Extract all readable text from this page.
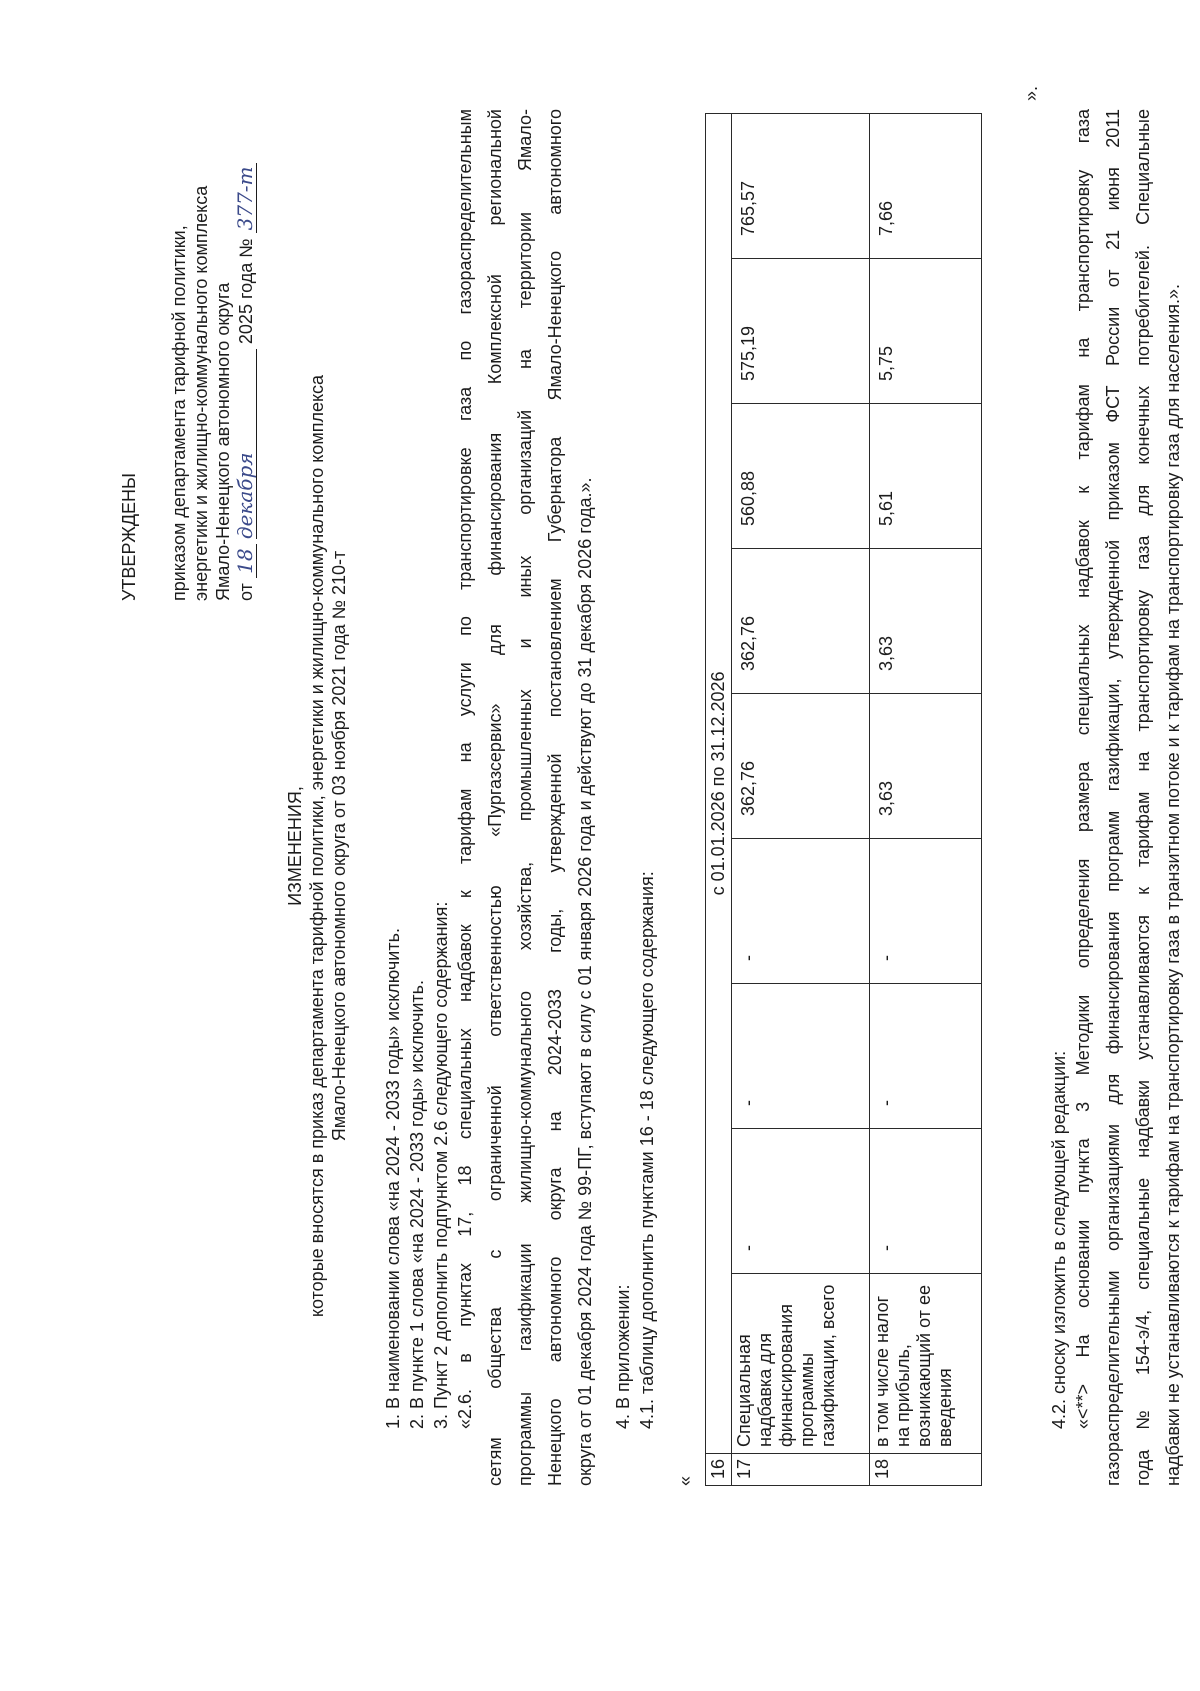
УТВЕРЖДЕНЫ приказом департамента тарифной политики, энергетики и жилищно-коммунального комплекса Ямало-Ненецкого автономного округа от 18 декабря 2025 года № 377-т
ИЗМЕНЕНИЯ, которые вносятся в приказ департамента тарифной политики, энергетики и жилищно-коммунального комплекса Ямало-Ненецкого автономного округа от 03 ноября 2021 года № 210-т
1. В наименовании слова «на 2024 - 2033 годы» исключить. 2. В пункте 1 слова «на 2024 - 2033 годы» исключить. 3. Пункт 2 дополнить подпунктом 2.6 следующего содержания: «2.6. в пунктах 17, 18 специальных надбавок к тарифам на услуги по транспортировке газа по газораспределительным сетям общества с ограниченной ответственностью «Пургазсервис» для финансирования Комплексной региональной программы газификации жилищно-коммунального хозяйства, промышленных и иных организаций на территории Ямало- Ненецкого автономного округа на 2024-2033 годы, утвержденной постановлением Губернатора Ямало-Ненецкого автономного округа от 01 декабря 2024 года № 99-ПГ, вступают в силу с 01 января 2026 года и действуют до 31 декабря 2026 года.». 4. В приложении: 4.1. таблицу дополнить пунктами 16 - 18 следующего содержания:
«
16	с 01.01.2026 по 31.12.2026								
17	Специальная надбавка для финансирования программы газификации, всего	-	-	-	362,76	362,76	560,88	575,19	765,57
18	в том числе налог на прибыль, возникающий от ее введения	-	-	-	3,63	3,63	5,61	5,75	7,66
».
4.2. сноску изложить в следующей редакции: «<**> На основании пункта 3 Методики определения размера специальных надбавок к тарифам на транспортировку газа газораспределительными организациями для финансирования программ газификации, утвержденной приказом ФСТ России от 21 июня 2011 года № 154-э/4, специальные надбавки устанавливаются к тарифам на транспортировку газа для конечных потребителей. Специальные надбавки не устанавливаются к тарифам на транспортировку газа в транзитном потоке и к тарифам на транспортировку газа для населения.».
